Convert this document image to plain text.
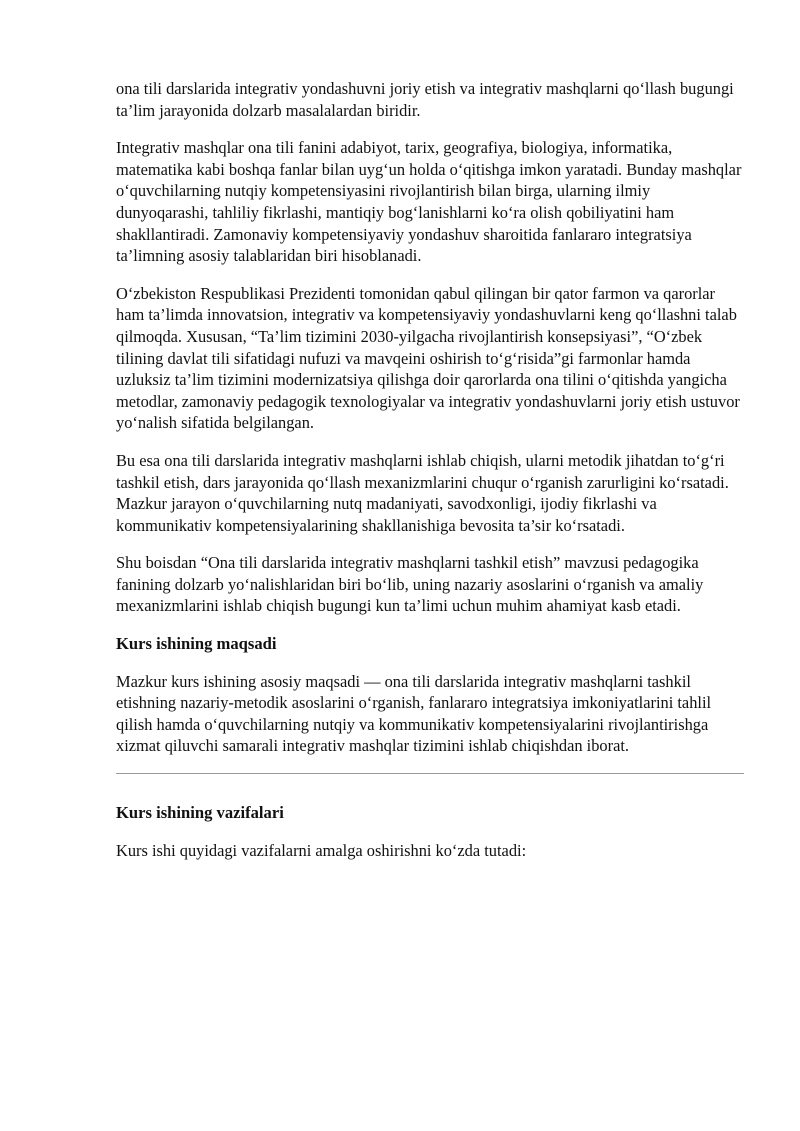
ona tili darslarida integrativ yondashuvni joriy etish va integrativ mashqlarni qo‘llash bugungi ta’lim jarayonida dolzarb masalalardan biridir.

Integrativ mashqlar ona tili fanini adabiyot, tarix, geografiya, biologiya, informatika, matematika kabi boshqa fanlar bilan uyg‘un holda o‘qitishga imkon yaratadi. Bunday mashqlar o‘quvchilarning nutqiy kompetensiyasini rivojlantirish bilan birga, ularning ilmiy dunyoqarashi, tahliliy fikrlashi, mantiqiy bog‘lanishlarni ko‘ra olish qobiliyatini ham shakllantiradi. Zamonaviy kompetensiyaviy yondashuv sharoitida fanlararo integratsiya ta’limning asosiy talablaridan biri hisoblanadi.

O‘zbekiston Respublikasi Prezidenti tomonidan qabul qilingan bir qator farmon va qarorlar ham ta’limda innovatsion, integrativ va kompetensiyaviy yondashuvlarni keng qo‘llashni talab qilmoqda. Xususan, “Ta’lim tizimini 2030-yilgacha rivojlantirish konsepsiyasi”, “O‘zbek tilining davlat tili sifatidagi nufuzi va mavqeini oshirish to‘g‘risida”gi farmonlar hamda uzluksiz ta’lim tizimini modernizatsiya qilishga doir qarorlarda ona tilini o‘qitishda yangicha metodlar, zamonaviy pedagogik texnologiyalar va integrativ yondashuvlarni joriy etish ustuvor yo‘nalish sifatida belgilangan.

Bu esa ona tili darslarida integrativ mashqlarni ishlab chiqish, ularni metodik jihatdan to‘g‘ri tashkil etish, dars jarayonida qo‘llash mexanizmlarini chuqur o‘rganish zarurligini ko‘rsatadi. Mazkur jarayon o‘quvchilarning nutq madaniyati, savodxonligi, ijodiy fikrlashi va kommunikativ kompetensiyalarining shakllanishiga bevosita ta’sir ko‘rsatadi.

Shu boisdan “Ona tili darslarida integrativ mashqlarni tashkil etish” mavzusi pedagogika fanining dolzarb yo‘nalishlaridan biri bo‘lib, uning nazariy asoslarini o‘rganish va amaliy mexanizmlarini ishlab chiqish bugungi kun ta’limi uchun muhim ahamiyat kasb etadi.

Kurs ishining maqsadi

Mazkur kurs ishining asosiy maqsadi — ona tili darslarida integrativ mashqlarni tashkil etishning nazariy-metodik asoslarini o‘rganish, fanlararo integratsiya imkoniyatlarini tahlil qilish hamda o‘quvchilarning nutqiy va kommunikativ kompetensiyalarini rivojlantirishga xizmat qiluvchi samarali integrativ mashqlar tizimini ishlab chiqishdan iborat.

Kurs ishining vazifalari

Kurs ishi quyidagi vazifalarni amalga oshirishni ko‘zda tutadi:
